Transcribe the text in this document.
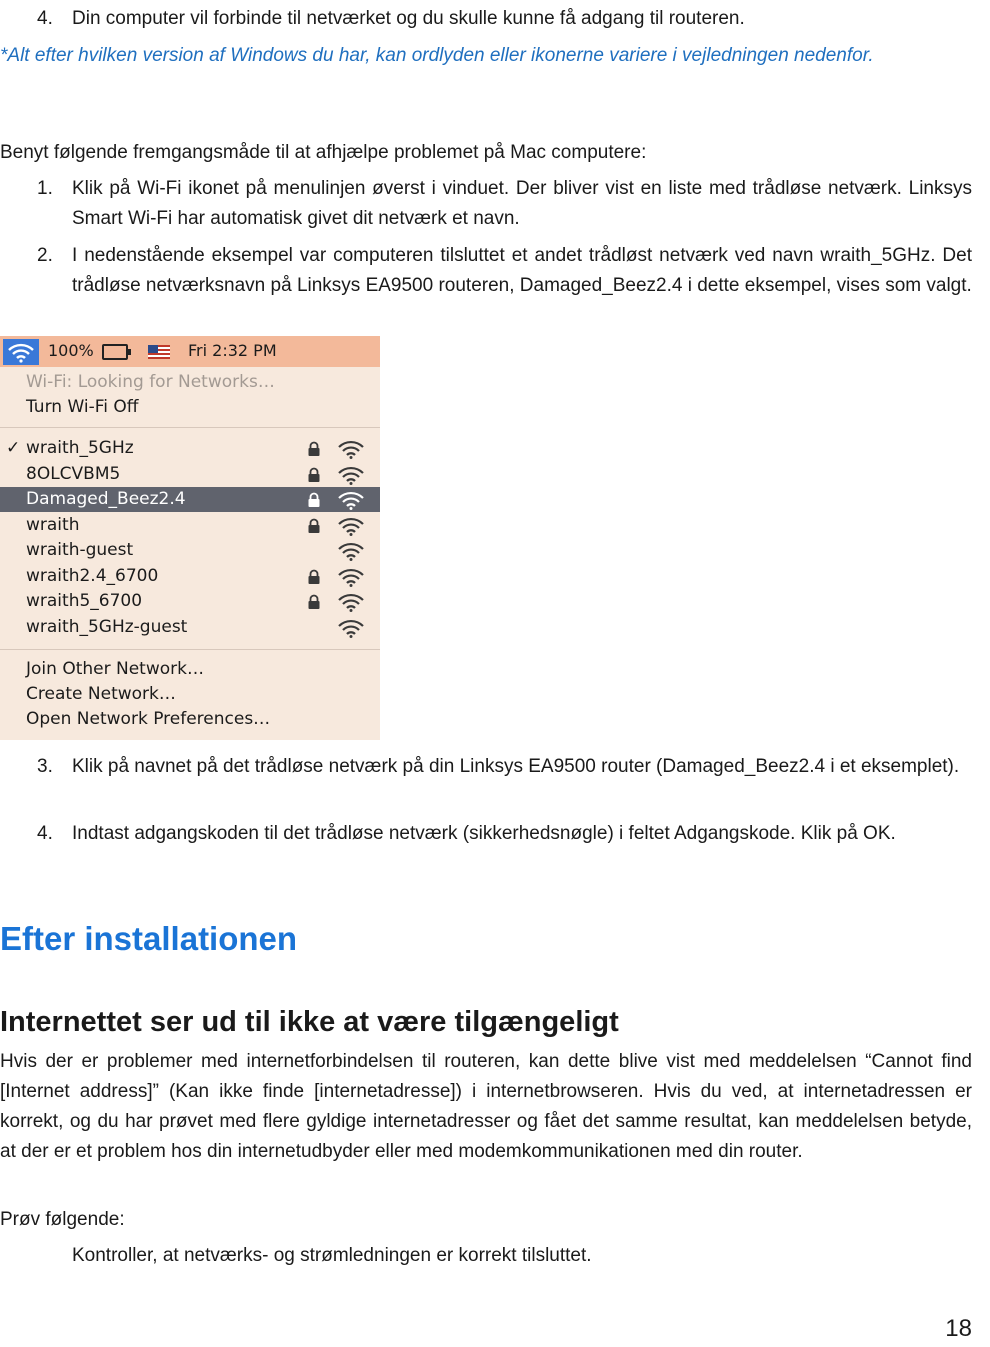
4. Din computer vil forbinde til netværket og du skulle kunne få adgang til routeren.

*Alt efter hvilken version af Windows du har, kan ordlyden eller ikonerne variere i vejledningen nedenfor.

Benyt følgende fremgangsmåde til at afhjælpe problemet på Mac computere:

1. Klik på Wi-Fi ikonet på menulinjen øverst i vinduet. Der bliver vist en liste med trådløse netværk. Linksys Smart Wi-Fi har automatisk givet dit netværk et navn.
2. I nedenstående eksempel var computeren tilsluttet et andet trådløst netværk ved navn wraith_5GHz. Det trådløse netværksnavn på Linksys EA9500 routeren, Damaged_Beez2.4 i dette eksempel, vises som valgt.
100%	Fri 2:32 PM
Wi-Fi: Looking for Networks…
Turn Wi-Fi Off
✓ wraith_5GHz
8OLCVBM5
Damaged_Beez2.4
wraith
wraith-guest
wraith2.4_6700
wraith5_6700
wraith_5GHz-guest
Join Other Network…
Create Network…
Open Network Preferences…
3. Klik på navnet på det trådløse netværk på din Linksys EA9500 router (Damaged_Beez2.4 i et eksemplet).
4. Indtast adgangskoden til det trådløse netværk (sikkerhedsnøgle) i feltet Adgangskode. Klik på OK.
Efter installationen
Internettet ser ud til ikke at være tilgængeligt

Hvis der er problemer med internetforbindelsen til routeren, kan dette blive vist med meddelelsen “Cannot find [Internet address]” (Kan ikke finde [internetadresse]) i internetbrowseren. Hvis du ved, at internetadressen er korrekt, og du har prøvet med flere gyldige internetadresser og fået det samme resultat, kan meddelelsen betyde, at der er et problem hos din internetudbyder eller med modemkommunikationen med din router.

Prøv følgende:

Kontroller, at netværks- og strømledningen er korrekt tilsluttet.

18
